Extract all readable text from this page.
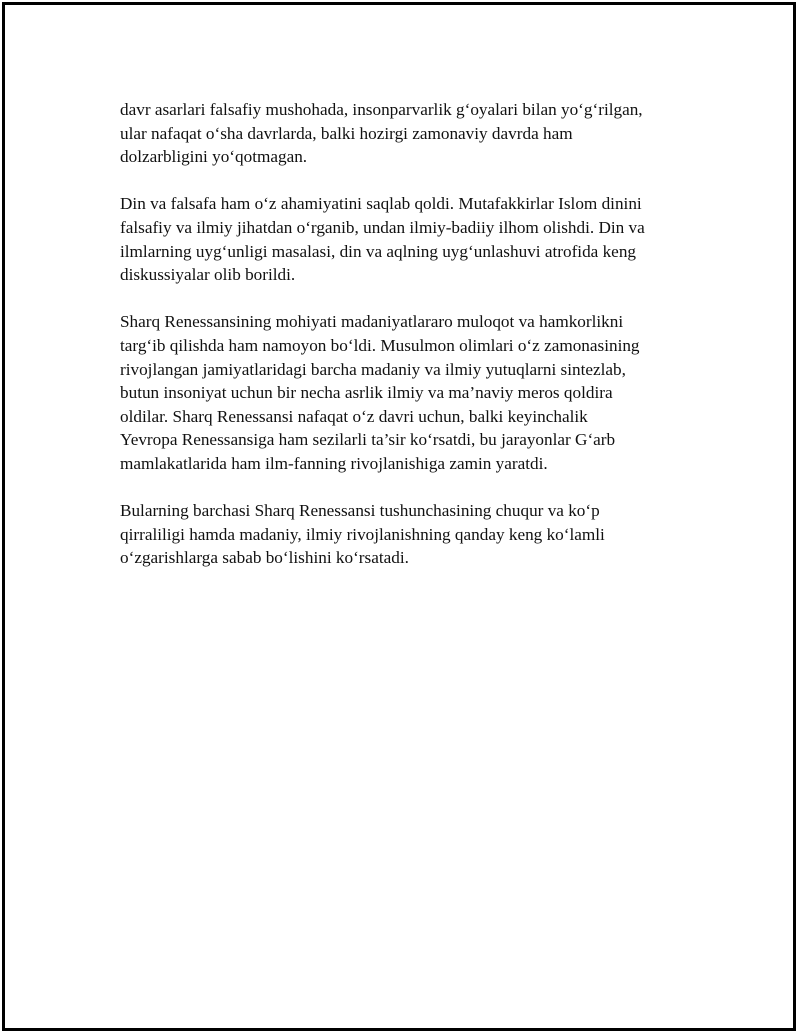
davr asarlari falsafiy mushohada, insonparvarlik g‘oyalari bilan yo‘g‘rilgan,
ular nafaqat o‘sha davrlarda, balki hozirgi zamonaviy davrda ham
dolzarbligini yo‘qotmagan.

Din va falsafa ham o‘z ahamiyatini saqlab qoldi. Mutafakkirlar Islom dinini
falsafiy va ilmiy jihatdan o‘rganib, undan ilmiy-badiiy ilhom olishdi. Din va
ilmlarning uyg‘unligi masalasi, din va aqlning uyg‘unlashuvi atrofida keng
diskussiyalar olib borildi.

Sharq Renessansining mohiyati madaniyatlararo muloqot va hamkorlikni
targ‘ib qilishda ham namoyon bo‘ldi. Musulmon olimlari o‘z zamonasining
rivojlangan jamiyatlaridagi barcha madaniy va ilmiy yutuqlarni sintezlab,
butun insoniyat uchun bir necha asrlik ilmiy va ma’naviy meros qoldira
oldilar. Sharq Renessansi nafaqat o‘z davri uchun, balki keyinchalik
Yevropa Renessansiga ham sezilarli ta’sir ko‘rsatdi, bu jarayonlar G‘arb
mamlakatlarida ham ilm-fanning rivojlanishiga zamin yaratdi.

Bularning barchasi Sharq Renessansi tushunchasining chuqur va ko‘p
qirraliligi hamda madaniy, ilmiy rivojlanishning qanday keng ko‘lamli
o‘zgarishlarga sabab bo‘lishini ko‘rsatadi.
